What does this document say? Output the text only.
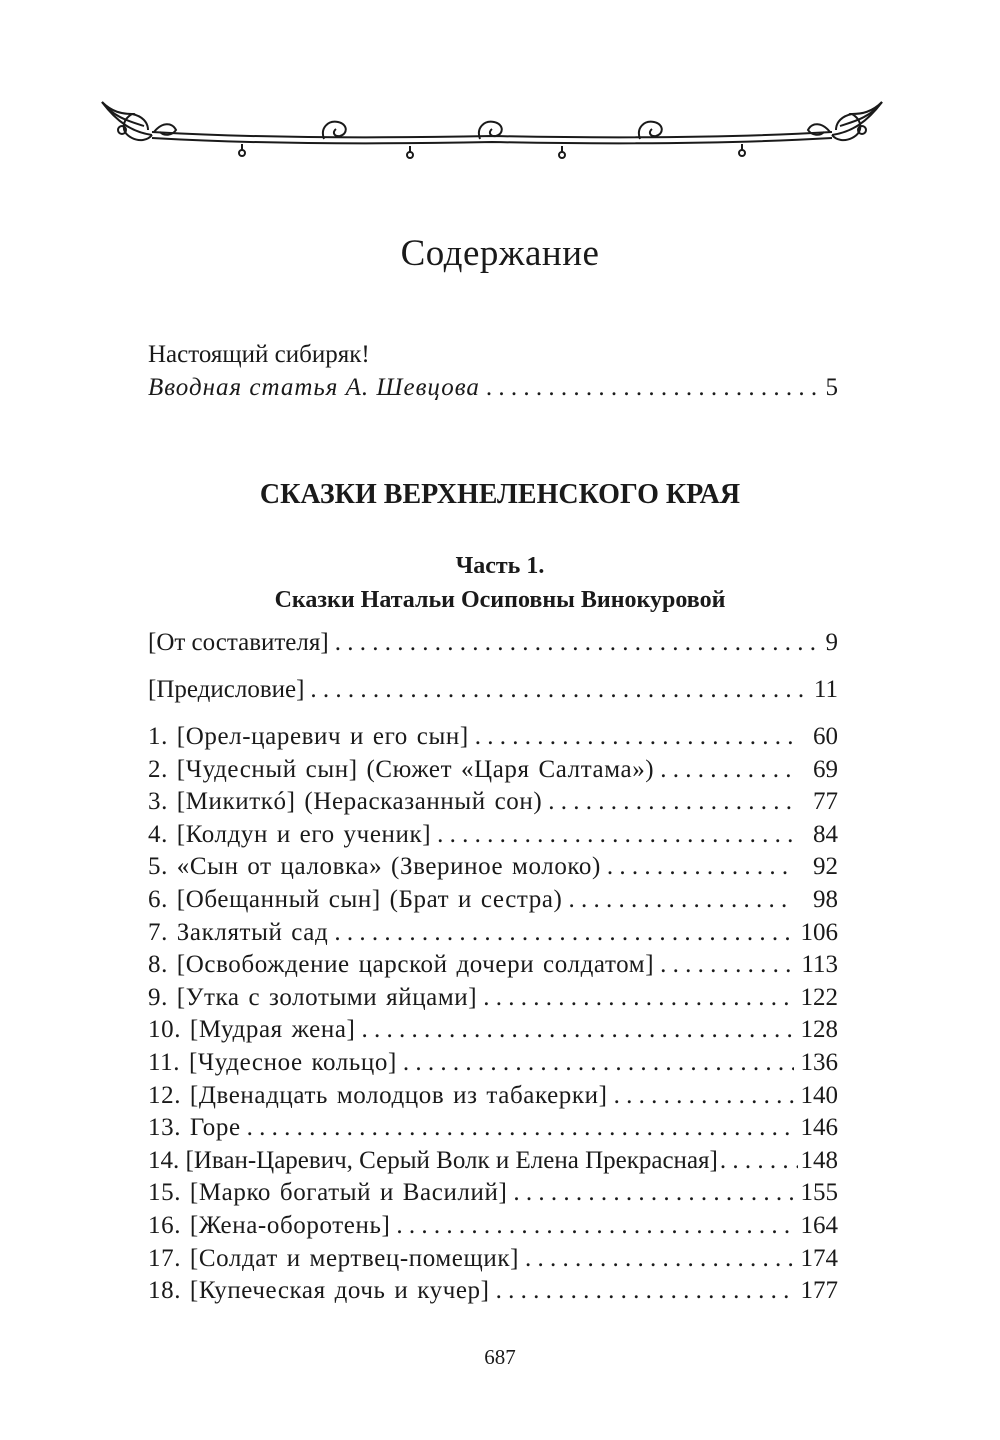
Содержание
Настоящий сибиряк!
Вводная статья А. Шевцова . . .	5
СКАЗКИ ВЕРХНЕЛЕНСКОГО КРАЯ
Часть 1.
Сказки Натальи Осиповны Винокуровой
[От составителя] . . .	9
[Предисловие] . . .	11
1. [Орел-царевич и его сын] . . .	60
2. [Чудесный сын] (Сюжет «Царя Салтама») . . .	69
3. [Микиткó] (Нерасказанный сон) . . .	77
4. [Колдун и его ученик] . . .	84
5. «Сын от цаловка» (Звериное молоко) . . .	92
6. [Обещанный сын] (Брат и сестра) . . .	98
7. Заклятый сад . . .	106
8. [Освобождение царской дочери солдатом] . . .	113
9. [Утка с золотыми яйцами] . . .	122
10. [Мудрая жена] . . .	128
11. [Чудесное кольцо] . . .	136
12. [Двенадцать молодцов из табакерки] . . .	140
13. Горе . . .	146
14. [Иван-Царевич, Серый Волк и Елена Прекрасная] . . .	148
15. [Марко богатый и Василий] . . .	155
16. [Жена-оборотень] . . .	164
17. [Солдат и мертвец-помещик] . . .	174
18. [Купеческая дочь и кучер] . . .	177
687
